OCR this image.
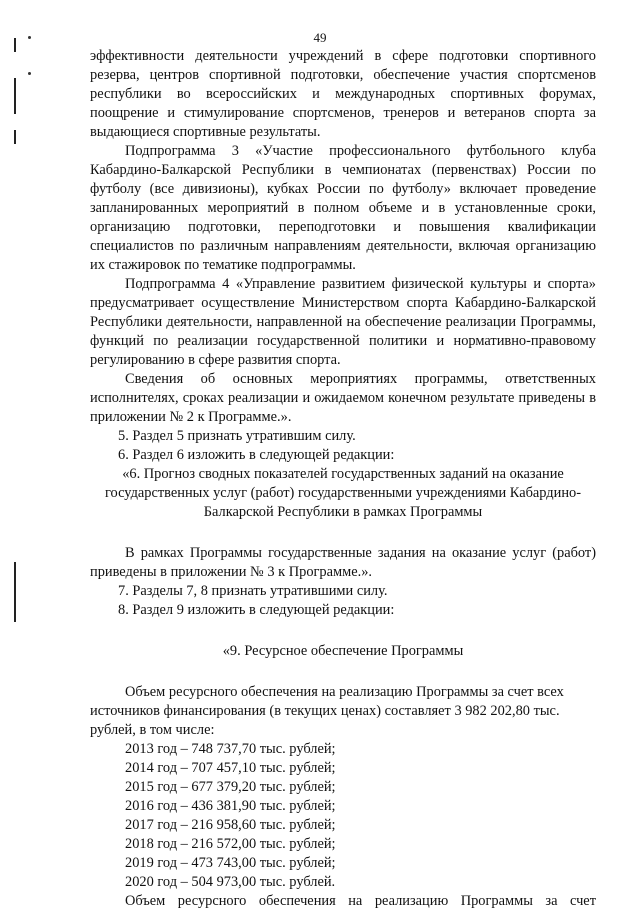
49

эффективности деятельности учреждений в сфере подготовки спортивного резерва, центров спортивной подготовки, обеспечение участия спортсменов республики во всероссийских и международных спортивных форумах, поощрение и стимулирование спортсменов, тренеров и ветеранов спорта за выдающиеся спортивные результаты.

Подпрограмма 3 «Участие профессионального футбольного клуба Кабардино-Балкарской Республики в чемпионатах (первенствах) России по футболу (все дивизионы), кубках России по футболу» включает проведение запланированных мероприятий в полном объеме и в установленные сроки, организацию подготовки, переподготовки и повышения квалификации специалистов по различным направлениям деятельности, включая организацию их стажировок по тематике подпрограммы.

Подпрограмма 4 «Управление развитием физической культуры и спорта» предусматривает осуществление Министерством спорта Кабардино-Балкарской Республики деятельности, направленной на обеспечение реализации Программы, функций по реализации государственной политики и нормативно-правовому регулированию в сфере развития спорта.

Сведения об основных мероприятиях программы, ответственных исполнителях, сроках реализации и ожидаемом конечном результате приведены в приложении № 2 к Программе.».

5. Раздел 5 признать утратившим силу.

6. Раздел 6 изложить в следующей редакции:

«6. Прогноз сводных показателей государственных заданий на оказание государственных услуг (работ) государственными учреждениями Кабардино-Балкарской Республики в рамках Программы

В рамках Программы государственные задания на оказание услуг (работ) приведены в приложении № 3 к Программе.».

7. Разделы 7, 8 признать утратившими силу.

8. Раздел 9 изложить в следующей редакции:

«9. Ресурсное обеспечение Программы

Объем ресурсного обеспечения на реализацию Программы за счет всех источников финансирования (в текущих ценах) составляет 3 982 202,80 тыс. рублей, в том числе:

2013 год – 748 737,70 тыс. рублей;

2014 год – 707 457,10 тыс. рублей;

2015 год – 677 379,20 тыс. рублей;

2016 год – 436 381,90 тыс. рублей;

2017 год – 216 958,60 тыс. рублей;

2018 год – 216 572,00 тыс. рублей;

2019 год – 473 743,00 тыс. рублей;

2020 год – 504 973,00 тыс. рублей.

Объем ресурсного обеспечения на реализацию Программы за счет
